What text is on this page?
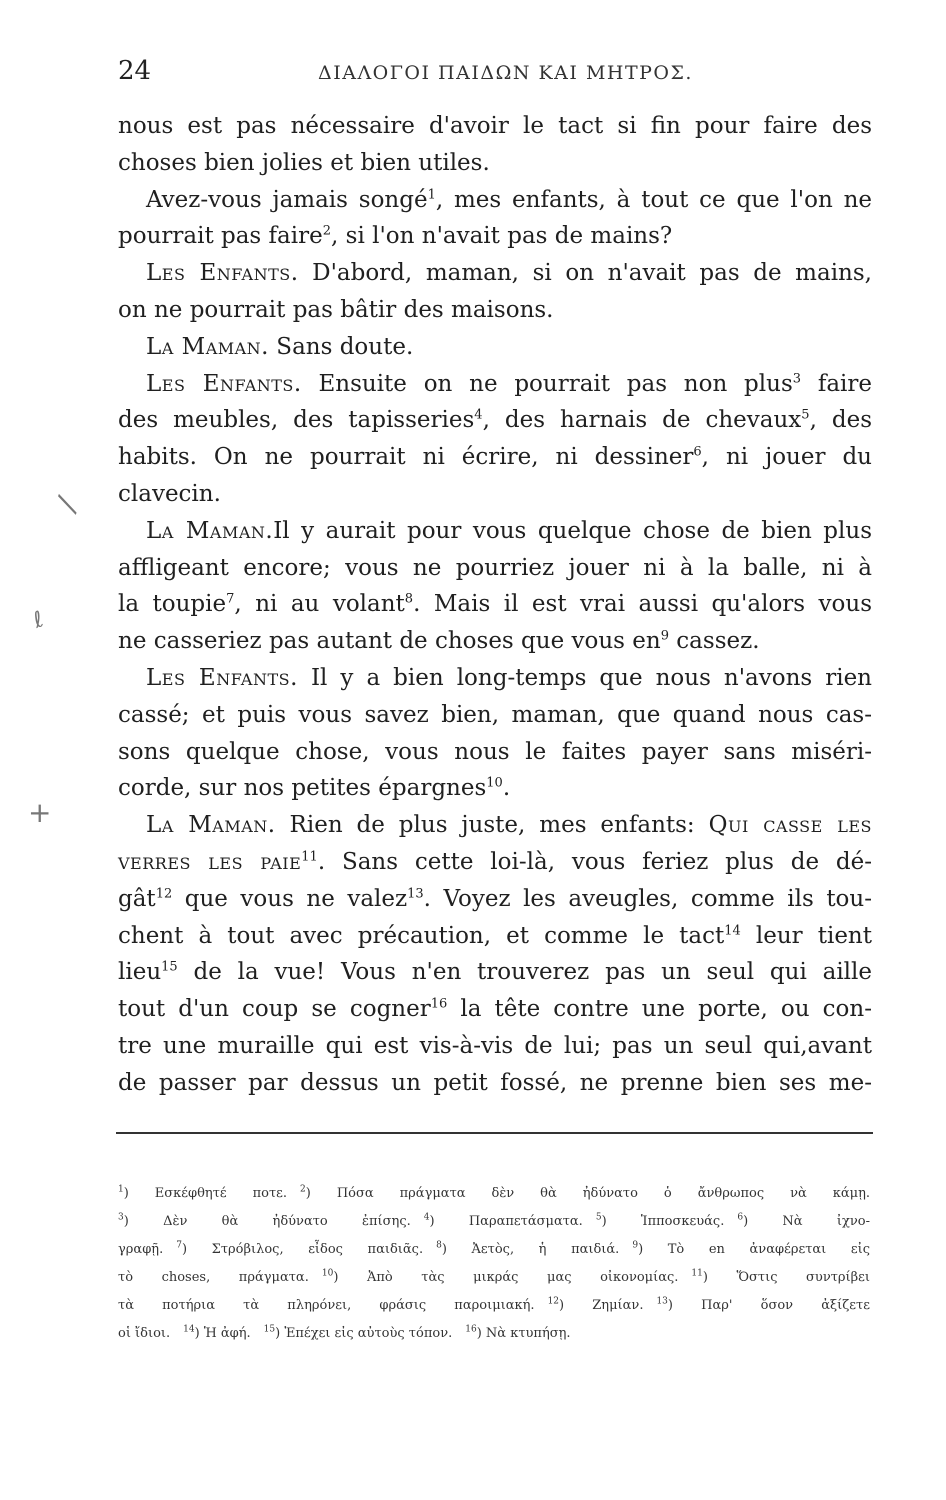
/
ℓ
+
24	ΔΙΑΛΟΓΟΙ ΠΑΙΔΩΝ ΚΑΙ ΜΗΤΡΟΣ.
nous est pas nécessaire d'avoir le tact si fin pour faire des
choses bien jolies et bien utiles.
Avez-vous jamais songé$^1$, mes enfants, à tout ce que l'on ne
pourrait pas faire$^2$, si l'on n'avait pas de mains?
Les Enfants. D'abord, maman, si on n'avait pas de mains,
on ne pourrait pas bâtir des maisons.
La Maman. Sans doute.
Les Enfants. Ensuite on ne pourrait pas non plus$^3$ faire
des meubles, des tapisseries$^4$, des harnais de chevaux$^5$, des
habits. On ne pourrait ni écrire, ni dessiner$^6$, ni jouer du
clavecin.
La Maman.Il y aurait pour vous quelque chose de bien plus
affligeant encore; vous ne pourriez jouer ni à la balle, ni à
la toupie$^7$, ni au volant$^8$. Mais il est vrai aussi qu'alors vous
ne casseriez pas autant de choses que vous $en^9$ cassez.
Les Enfants. Il y a bien long-temps que nous n'avons rien
cassé; et puis vous savez bien, maman, que quand nous cas-
sons quelque chose, vous nous le faites payer sans miséri-
corde, sur nos petites épargnes$^{10}$.
La Maman. Rien de plus juste, mes enfants: Qui casse les
verres les paie$^{11}$. Sans cette loi-là, vous feriez plus de dé-
gât$^{12}$ que vous ne valez$^{13}$. Voyez les aveugles, comme ils tou-
chent à tout avec précaution, et comme le tact$^{14}$ leur tient
lieu$^{15}$ de la vue! Vous n'en trouverez pas un seul qui aille
tout d'un coup se cogner$^{16}$ la tête contre une porte, ou con-
tre une muraille qui est vis-à-vis de lui; pas un seul qui,avant
de passer par dessus un petit fossé, ne prenne bien ses me-
$^1$) Εσκέφθητέ ποτε.  $^2$) Πόσα πράγματα δὲν θὰ ἠδύνατο ὁ ἄνθρωπος νὰ κάμῃ.
$^3$) Δὲν θὰ ἠδύνατο ἐπίσης.  $^4$) Παραπετάσματα.  $^5$) Ἱπποσκευάς.  $^6$) Νὰ ἰχνο-
γραφῇ.  $^7$) Στρόβιλος, εἶδος παιδιᾶς.  $^8$) Ἀετὸς, ἡ παιδιά.  $^9$) Τὸ en ἀναφέρεται εἰς
τὸ choses, πράγματα.  $^{10}$) Ἀπὸ τὰς μικράς μας οἰκονομίας.  $^{11}$) Ὅστις συντρίβει
τὰ ποτήρια τὰ πληρόνει, φράσις παροιμιακή.  $^{12}$) Ζημίαν.  $^{13}$) Παρ' ὅσον ἀξίζετε
οἱ ἴδιοι.  $^{14}$) Ἡ ἀφή.  $^{15}$) Ἐπέχει εἰς αὐτοὺς τόπον.  $^{16}$) Νὰ κτυπήσῃ.
